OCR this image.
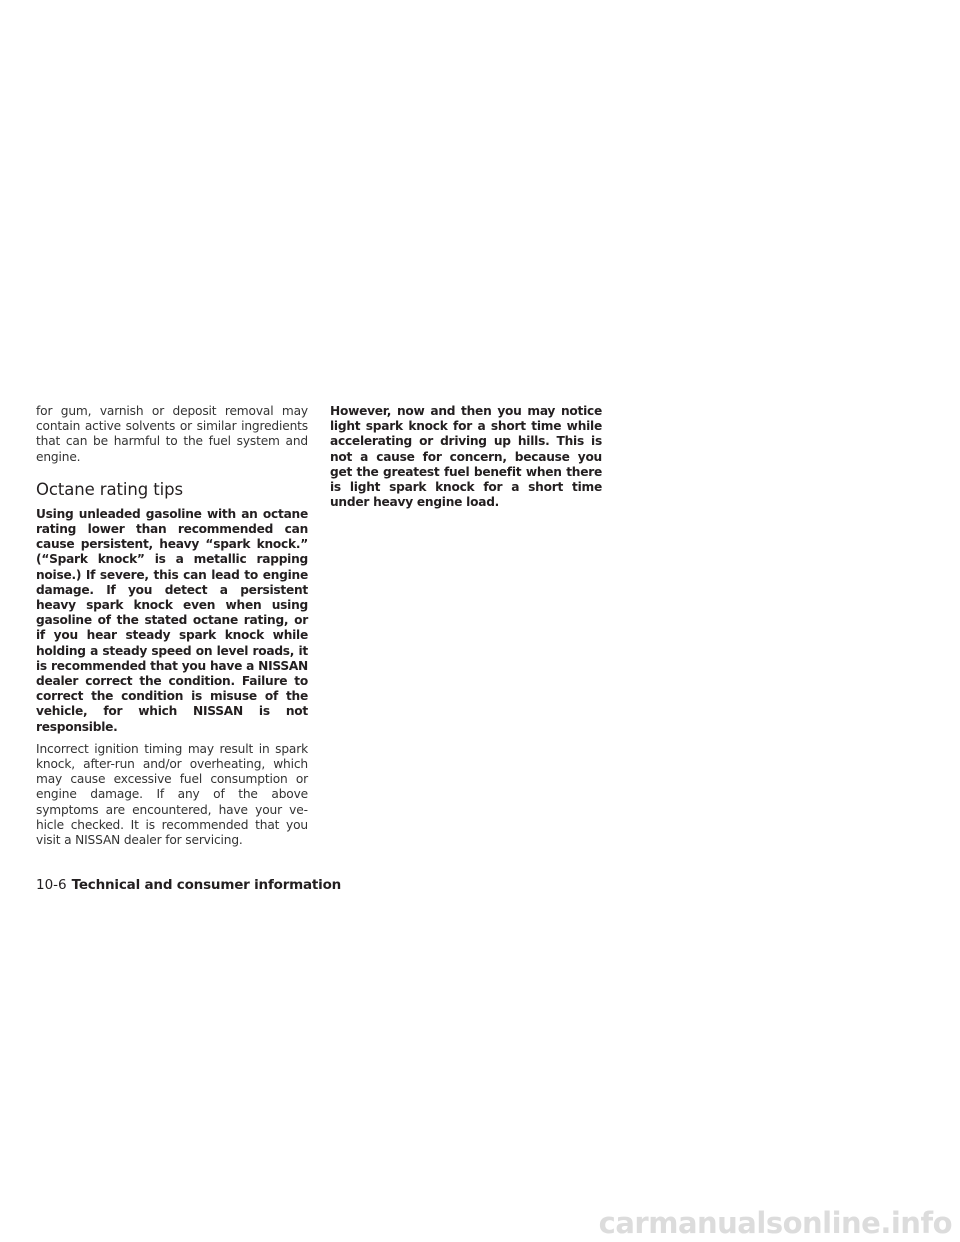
for gum, varnish or deposit removal may contain active solvents or similar ingredients that can be harmful to the fuel system and engine.

Octane rating tips

Using unleaded gasoline with an octane rating lower than recommended can cause persistent, heavy “spark knock.” (“Spark knock” is a metallic rapping noise.) If severe, this can lead to engine damage. If you detect a persistent heavy spark knock even when using gasoline of the stated octane rating, or if you hear steady spark knock while holding a steady speed on level roads, it is recommended that you have a NISSAN dealer correct the condition. Failure to correct the condition is misuse of the vehicle, for which NISSAN is not responsible.

Incorrect ignition timing may result in spark knock, after-run and/or overheating, which may cause excessive fuel consumption or engine damage. If any of the above symptoms are encountered, have your vehicle checked. It is recommended that you visit a NISSAN dealer for servicing.

However, now and then you may notice light spark knock for a short time while accelerating or driving up hills. This is not a cause for concern, because you get the greatest fuel benefit when there is light spark knock for a short time under heavy engine load.

10-6 Technical and consumer information
carmanualsonline.info
